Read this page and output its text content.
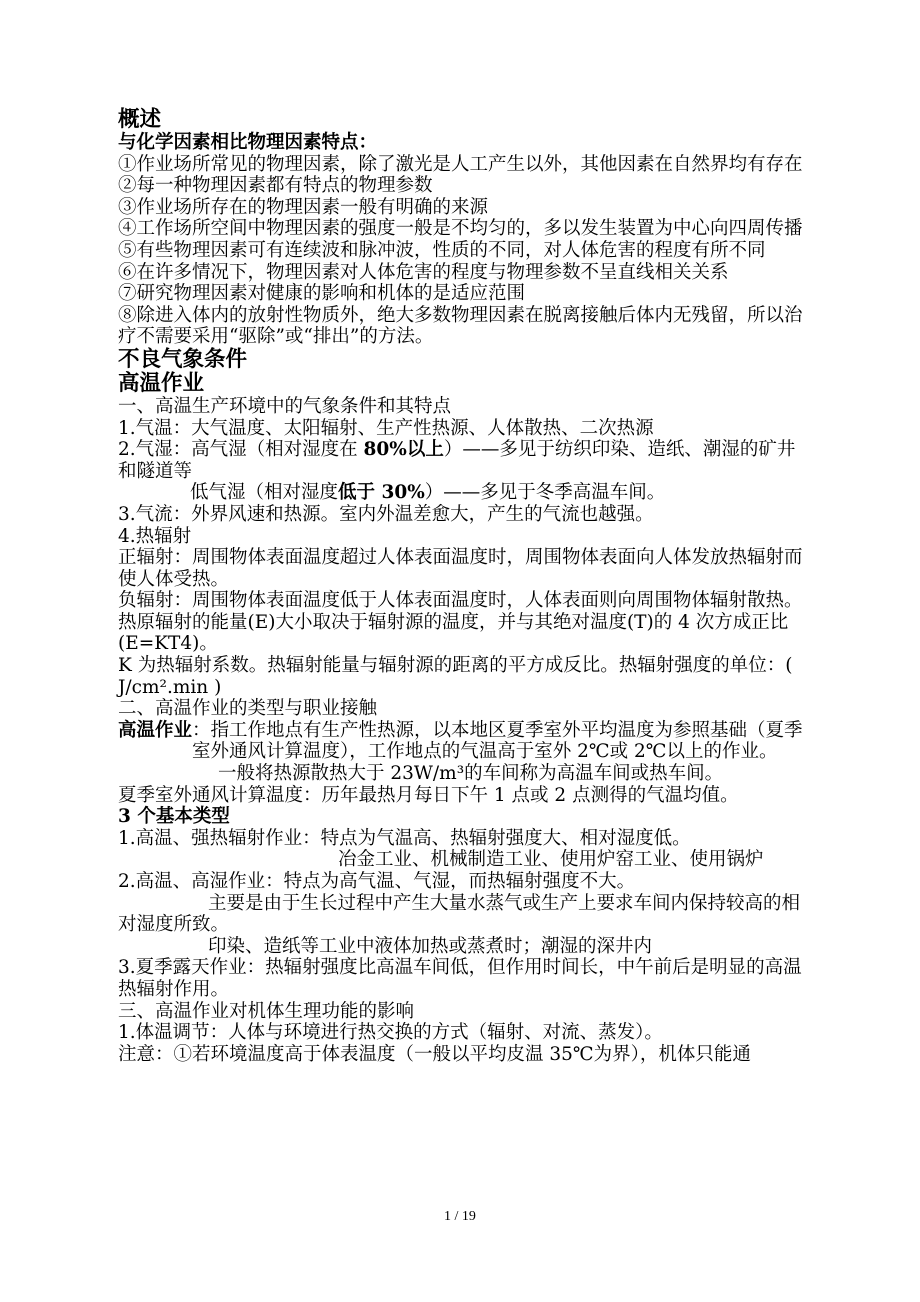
概述
与化学因素相比物理因素特点：
①作业场所常见的物理因素，除了激光是人工产生以外，其他因素在自然界均有存在
②每一种物理因素都有特点的物理参数
③作业场所存在的物理因素一般有明确的来源
④工作场所空间中物理因素的强度一般是不均匀的，多以发生装置为中心向四周传播
⑤有些物理因素可有连续波和脉冲波，性质的不同，对人体危害的程度有所不同
⑥在许多情况下，物理因素对人体危害的程度与物理参数不呈直线相关关系
⑦研究物理因素对健康的影响和机体的是适应范围
⑧除进入体内的放射性物质外，绝大多数物理因素在脱离接触后体内无残留，所以治疗不需要采用“驱除”或“排出”的方法。
不良气象条件
高温作业
一、高温生产环境中的气象条件和其特点
1.气温：大气温度、太阳辐射、生产性热源、人体散热、二次热源
2.气湿：高气湿（相对湿度在 80%以上）——多见于纺织印染、造纸、潮湿的矿井和隧道等
低气湿（相对湿度低于 30%）——多见于冬季高温车间。
3.气流：外界风速和热源。室内外温差愈大，产生的气流也越强。
4.热辐射
正辐射：周围物体表面温度超过人体表面温度时，周围物体表面向人体发放热辐射而使人体受热。
负辐射：周围物体表面温度低于人体表面温度时，人体表面则向周围物体辐射散热。
热原辐射的能量(E)大小取决于辐射源的温度，并与其绝对温度(T)的 4 次方成正比(E=KT4)。
K 为热辐射系数。热辐射能量与辐射源的距离的平方成反比。热辐射强度的单位：( J/cm².min )
二、高温作业的类型与职业接触
高温作业 ：指工作地点有生产性热源，以本地区夏季室外平均温度为参照基础（夏季室外通风计算温度），工作地点的气温高于室外 2℃或 2℃以上的作业。
一般将热源散热大于 23W/m³的车间称为高温车间或热车间。
夏季室外通风计算温度：历年最热月每日下午 1 点或 2 点测得的气温均值。
3 个基本类型
1.高温、强热辐射作业：特点为气温高、热辐射强度大、相对湿度低。
冶金工业、机械制造工业、使用炉窑工业、使用锅炉
2.高温、高湿作业：特点为高气温、气湿，而热辐射强度不大。
主要是由于生长过程中产生大量水蒸气或生产上要求车间内保持较高的相对湿度所致。
印染、造纸等工业中液体加热或蒸煮时；潮湿的深井内
3.夏季露天作业：热辐射强度比高温车间低，但作用时间长，中午前后是明显的高温热辐射作用。
三、高温作业对机体生理功能的影响
1.体温调节：人体与环境进行热交换的方式（辐射、对流、蒸发）。
注意：①若环境温度高于体表温度（一般以平均皮温 35℃为界），机体只能通
1 / 19
